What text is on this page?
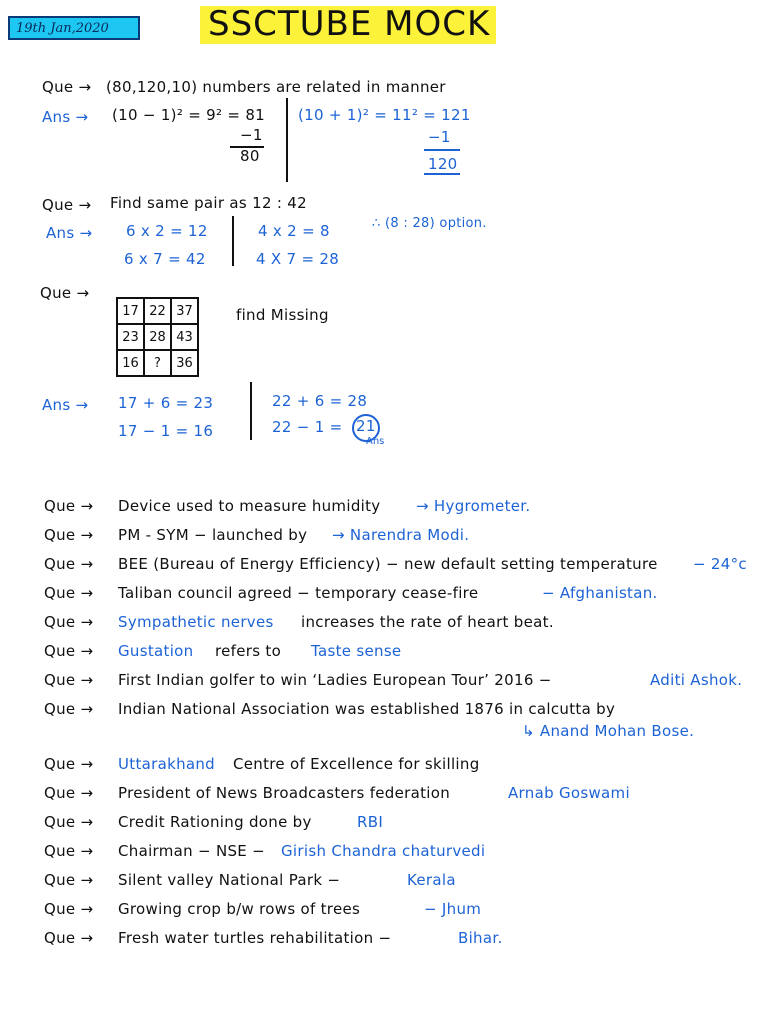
19th Jan,2020	SSCTUBE MOCK
Que → (80,120,10) numbers are related in manner
Ans → (10 − 1)² = 9² = 81
−1
80
(10 + 1)² = 11² = 121
−1
120
Que → Find same pair as 12 : 42
Ans → 6 x 2 = 12
6 x 7 = 42
4 x 2 = 8
4 X 7 = 28
∴ (8 : 28) option.
Que →
17	22	37
23	28	43
16	?	36
find Missing
Ans → 17 + 6 = 23
17 − 1 = 16
22 + 6 = 28
22 − 1 = 21
Ans
Que → Device used to measure humidity → Hygrometer.
Que → PM - SYM − launched by → Narendra Modi.
Que → BEE (Bureau of Energy Efficiency) − new default setting temperature − 24°c
Que → Taliban council agreed − temporary cease-fire	− Afghanistan.
Que → Sympathetic nerves increases the rate of heart beat.
Que → Gustation refers to Taste sense
Que → First Indian golfer to win ‘Ladies European Tour’ 2016 −	Aditi Ashok.
Que → Indian National Association was established 1876 in calcutta by
↳ Anand Mohan Bose.
Que → Uttarakhand Centre of Excellence for skilling
Que → President of News Broadcasters federation	Arnab Goswami
Que → Credit Rationing done by	RBI
Que → Chairman − NSE − Girish Chandra chaturvedi
Que → Silent valley National Park −	Kerala
Que → Growing crop b/w rows of trees	− Jhum
Que → Fresh water turtles rehabilitation −	Bihar.
